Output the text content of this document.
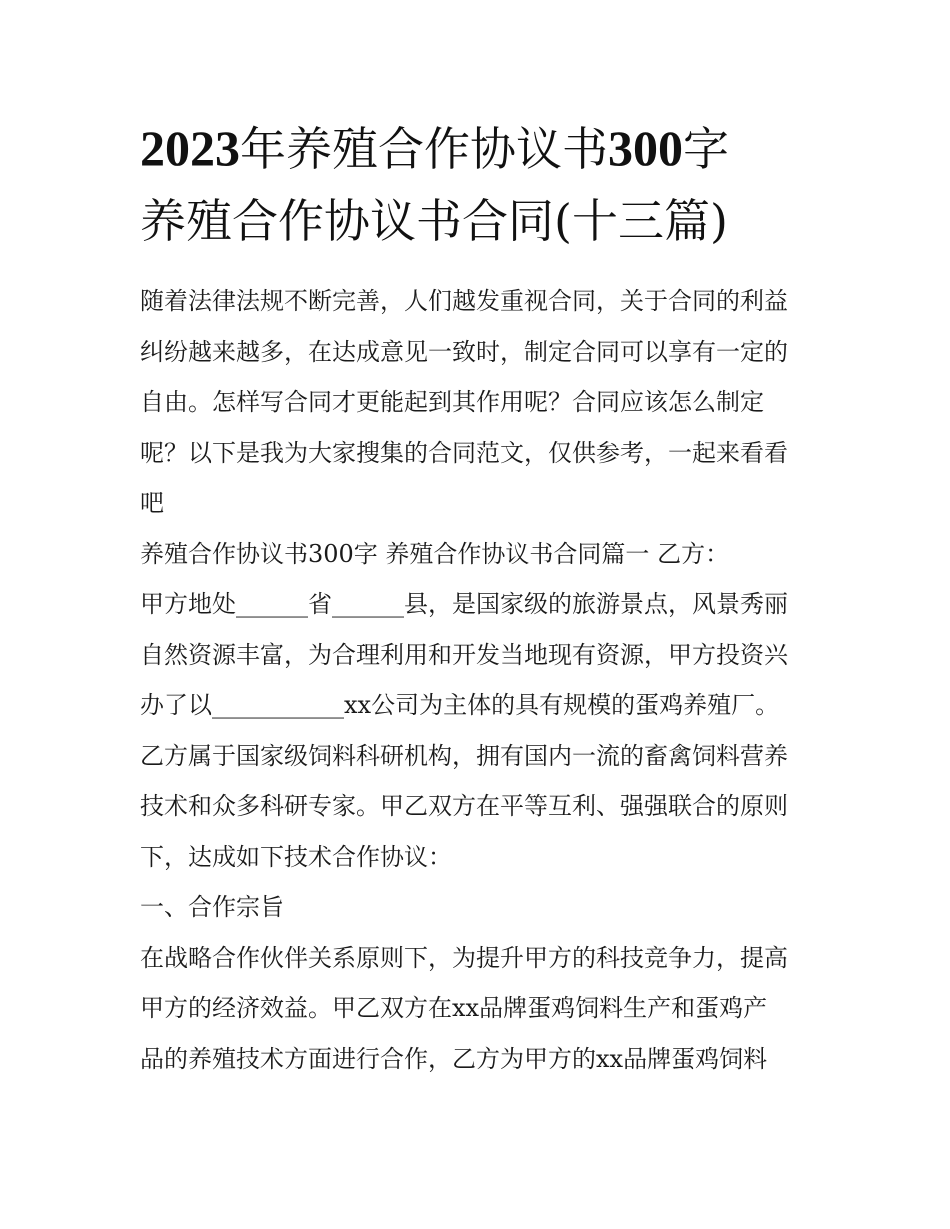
2023年养殖合作协议书300字
养殖合作协议书合同(十三篇)

随着法律法规不断完善，人们越发重视合同，关于合同的利益
纠纷越来越多，在达成意见一致时，制定合同可以享有一定的
自由。怎样写合同才更能起到其作用呢？合同应该怎么制定
呢？以下是我为大家搜集的合同范文，仅供参考，一起来看看
吧

养殖合作协议书300字 养殖合作协议书合同篇一 乙方：

甲方地处______省______县，是国家级的旅游景点，风景秀丽
自然资源丰富，为合理利用和开发当地现有资源，甲方投资兴
办了以___________xx公司为主体的具有规模的蛋鸡养殖厂。
乙方属于国家级饲料科研机构，拥有国内一流的畜禽饲料营养
技术和众多科研专家。甲乙双方在平等互利、强强联合的原则
下，达成如下技术合作协议：

一、合作宗旨

在战略合作伙伴关系原则下，为提升甲方的科技竞争力，提高
甲方的经济效益。甲乙双方在xx品牌蛋鸡饲料生产和蛋鸡产
品的养殖技术方面进行合作，乙方为甲方的xx品牌蛋鸡饲料
